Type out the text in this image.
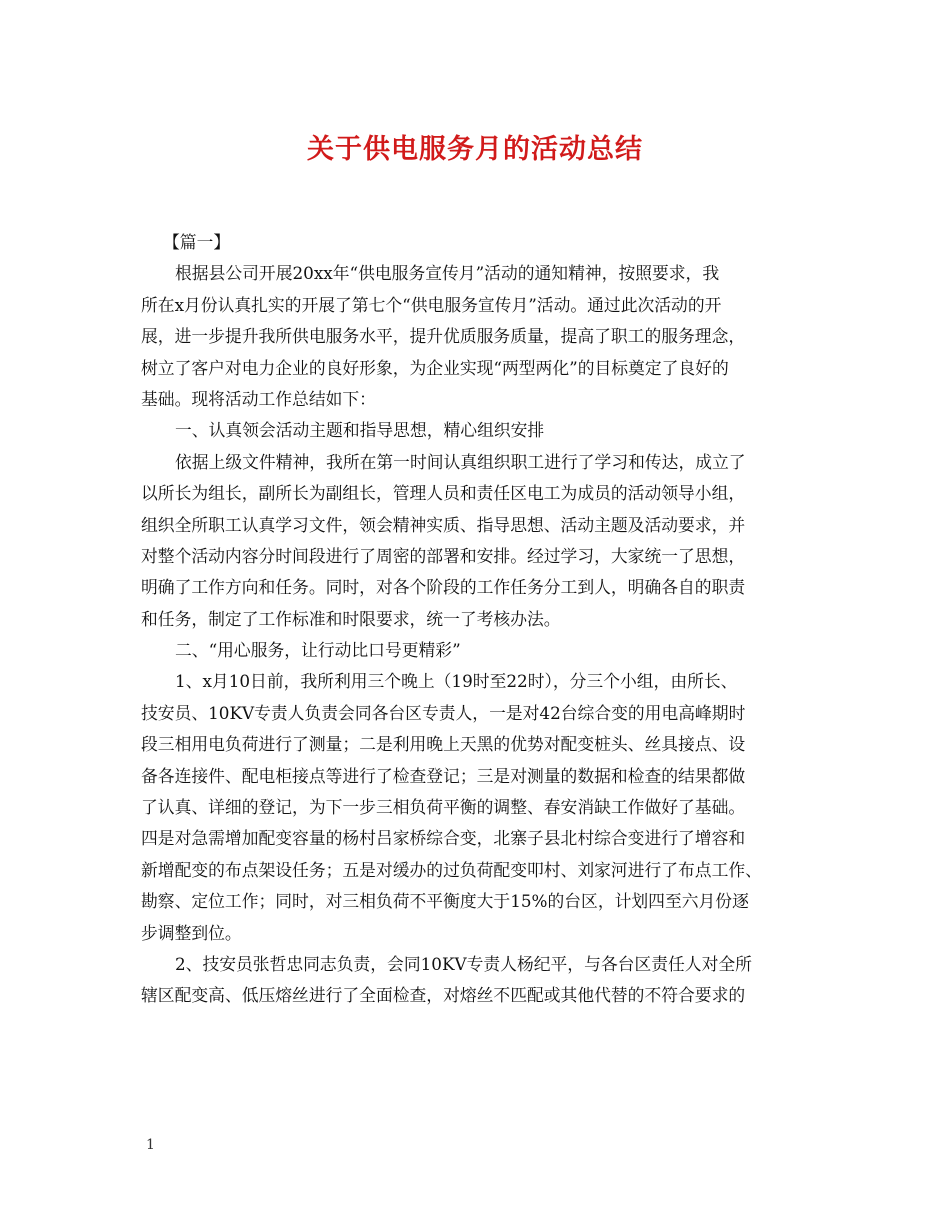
关于供电服务月的活动总结
【篇一】
根据县公司开展20xx年“供电服务宣传月”活动的通知精神，按照要求，我
所在x月份认真扎实的开展了第七个“供电服务宣传月”活动。通过此次活动的开
展，进一步提升我所供电服务水平，提升优质服务质量，提高了职工的服务理念，
树立了客户对电力企业的良好形象，为企业实现“两型两化”的目标奠定了良好的
基础。现将活动工作总结如下：
一、认真领会活动主题和指导思想，精心组织安排
依据上级文件精神，我所在第一时间认真组织职工进行了学习和传达，成立了
以所长为组长，副所长为副组长，管理人员和责任区电工为成员的活动领导小组，
组织全所职工认真学习文件，领会精神实质、指导思想、活动主题及活动要求，并
对整个活动内容分时间段进行了周密的部署和安排。经过学习，大家统一了思想，
明确了工作方向和任务。同时，对各个阶段的工作任务分工到人，明确各自的职责
和任务，制定了工作标准和时限要求，统一了考核办法。
二、“用心服务，让行动比口号更精彩”
1、x月10日前，我所利用三个晚上（19时至22时），分三个小组，由所长、
技安员、10KV专责人负责会同各台区专责人，一是对42台综合变的用电高峰期时
段三相用电负荷进行了测量；二是利用晚上天黑的优势对配变桩头、丝具接点、设
备各连接件、配电柜接点等进行了检查登记；三是对测量的数据和检查的结果都做
了认真、详细的登记，为下一步三相负荷平衡的调整、春安消缺工作做好了基础。
四是对急需增加配变容量的杨村吕家桥综合变，北寨子县北村综合变进行了增容和
新增配变的布点架设任务；五是对缓办的过负荷配变叩村、刘家河进行了布点工作、
勘察、定位工作；同时，对三相负荷不平衡度大于15%的台区，计划四至六月份逐
步调整到位。
2、技安员张哲忠同志负责，会同10KV专责人杨纪平，与各台区责任人对全所
辖区配变高、低压熔丝进行了全面检查，对熔丝不匹配或其他代替的不符合要求的
1
